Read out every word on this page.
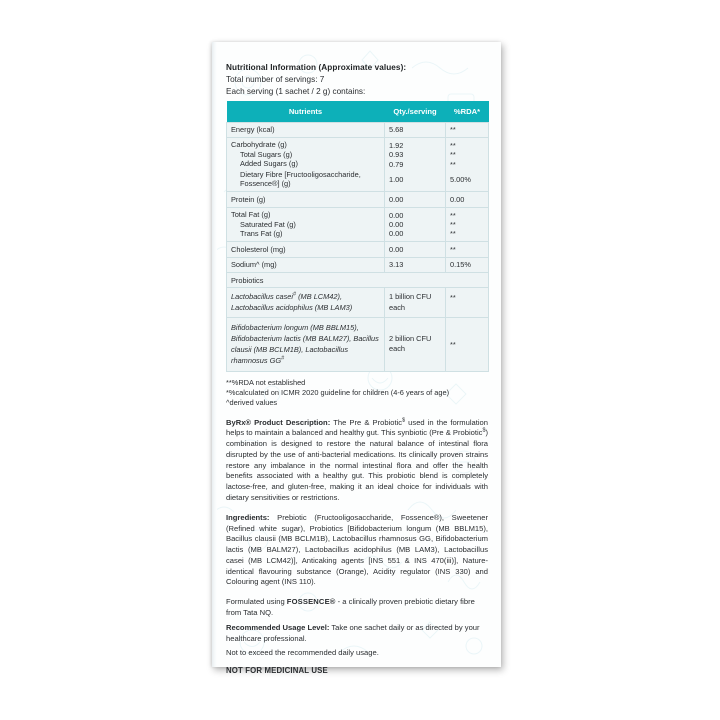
Nutritional Information (Approximate values):
Total number of servings: 7
Each serving (1 sachet / 2 g) contains:
Nutrients	Qty./serving	%RDA*
Energy (kcal)	5.68	**
Carbohydrate (g)	1.92	**
Total Sugars (g)	0.93	**
Added Sugars (g)	0.79	**
Dietary Fibre [Fructooligosaccharide, Fossence®] (g)	1.00	5.00%
Protein (g)	0.00	0.00
Total Fat (g)	0.00	**
Saturated Fat (g)	0.00	**
Trans Fat (g)	0.00	**
Cholesterol (mg)	0.00	**
Sodium^ (mg)	3.13	0.15%
Probiotics		
Lactobacillus casei# (MB LCM42), Lactobacillus acidophilus (MB LAM3)	1 billion CFU each	**
Bifidobacterium longum (MB BBLM15), Bifidobacterium lactis (MB BALM27), Bacillus clausii (MB BCLM1B), Lactobacillus rhamnosus GG#	2 billion CFU each	**
**%RDA not established
*%calculated on ICMR 2020 guideline for children (4-6 years of age)
^derived values
ByRx® Product Description: The Pre & Probiotic$ used in the formulation helps to maintain a balanced and healthy gut. This synbiotic (Pre & Probiotic$) combination is designed to restore the natural balance of intestinal flora disrupted by the use of anti-bacterial medications. Its clinically proven strains restore any imbalance in the normal intestinal flora and offer the health benefits associated with a healthy gut. This probiotic blend is completely lactose-free, and gluten-free, making it an ideal choice for individuals with dietary sensitivities or restrictions.
Ingredients: Prebiotic (Fructooligosaccharide, Fossence®), Sweetener (Refined white sugar), Probiotics [Bifidobacterium longum (MB BBLM15), Bacillus clausii (MB BCLM1B), Lactobacillus rhamnosus GG, Bifidobacterium lactis (MB BALM27), Lactobacillus acidophilus (MB LAM3), Lactobacillus casei (MB LCM42)], Anticaking agents [INS 551 & INS 470(iii)], Nature-identical flavouring substance (Orange), Acidity regulator (INS 330) and Colouring agent (INS 110).
Formulated using FOSSENCE® - a clinically proven prebiotic dietary fibre from Tata NQ.
Recommended Usage Level: Take one sachet daily or as directed by your healthcare professional.
Not to exceed the recommended daily usage.
NOT FOR MEDICINAL USE
